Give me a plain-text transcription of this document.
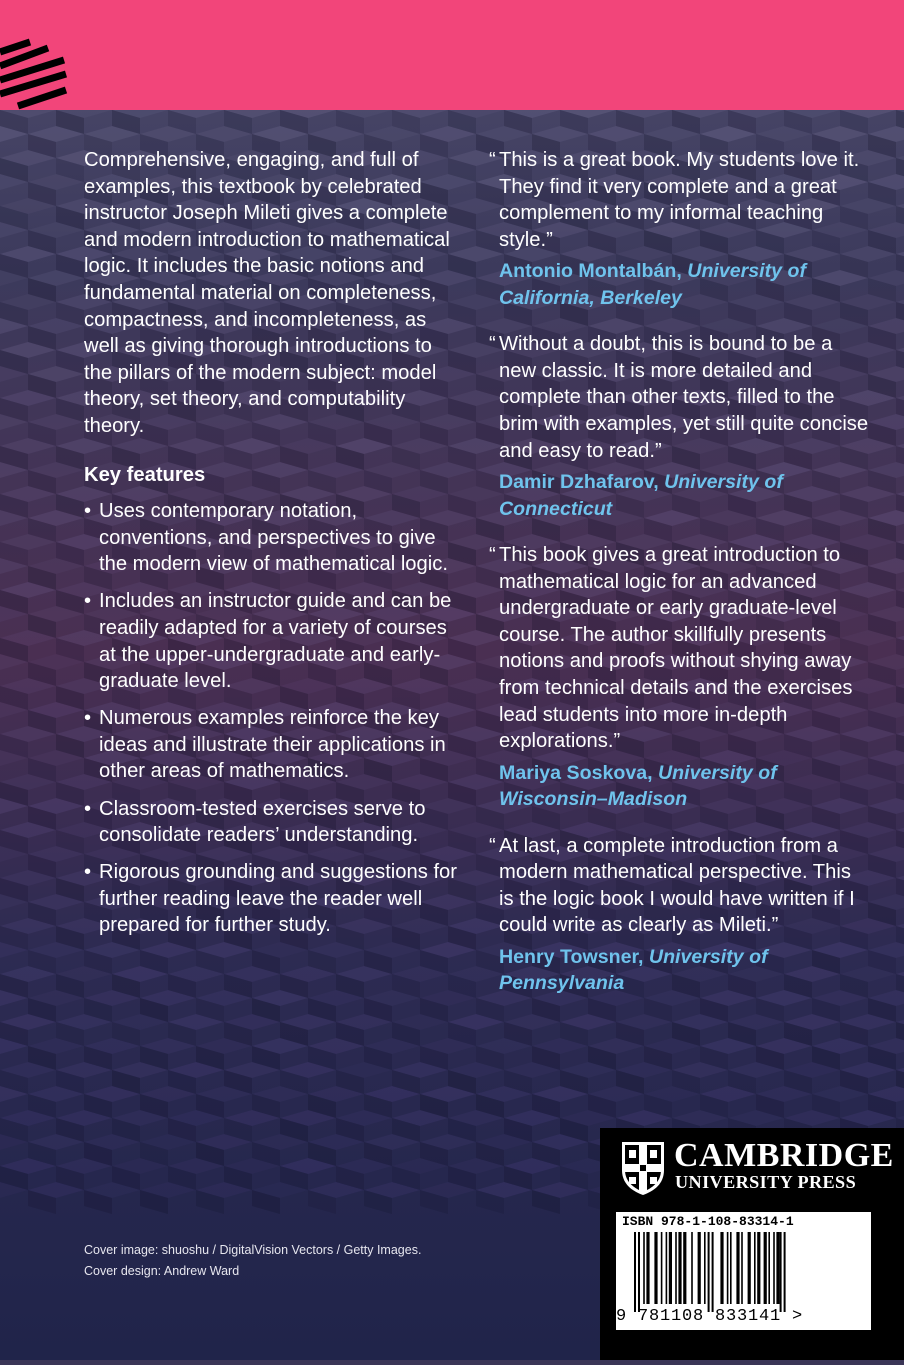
Comprehensive, engaging, and full of examples, this textbook by celebrated instructor Joseph Mileti gives a complete and modern introduction to mathematical logic. It includes the basic notions and fundamental material on completeness, compactness, and incompleteness, as well as giving thorough introductions to the pillars of the modern subject: model theory, set theory, and computability theory.

Key features

• Uses contemporary notation, conventions, and perspectives to give the modern view of mathematical logic.
• Includes an instructor guide and can be readily adapted for a variety of courses at the upper-undergraduate and early-graduate level.
• Numerous examples reinforce the key ideas and illustrate their applications in other areas of mathematics.
• Classroom-tested exercises serve to consolidate readers’ understanding.
• Rigorous grounding and suggestions for further reading leave the reader well prepared for further study.

“ This is a great book. My students love it. They find it very complete and a great complement to my informal teaching style.”

Antonio Montalbán, University of California, Berkeley

“ Without a doubt, this is bound to be a new classic. It is more detailed and complete than other texts, filled to the brim with examples, yet still quite concise and easy to read.”

Damir Dzhafarov, University of Connecticut

“ This book gives a great introduction to mathematical logic for an advanced undergraduate or early graduate-level course. The author skillfully presents notions and proofs without shying away from technical details and the exercises lead students into more in-depth explorations.”

Mariya Soskova, University of Wisconsin–Madison

“ At last, a complete introduction from a modern mathematical perspective. This is the logic book I would have written if I could write as clearly as Mileti.”

Henry Towsner, University of Pennsylvania

Cover image: shuoshu / DigitalVision Vectors / Getty Images.
Cover design: Andrew Ward
CAMBRIDGE
UNIVERSITY PRESS
ISBN 978-1-108-83314-1
9 781108 833141 >
